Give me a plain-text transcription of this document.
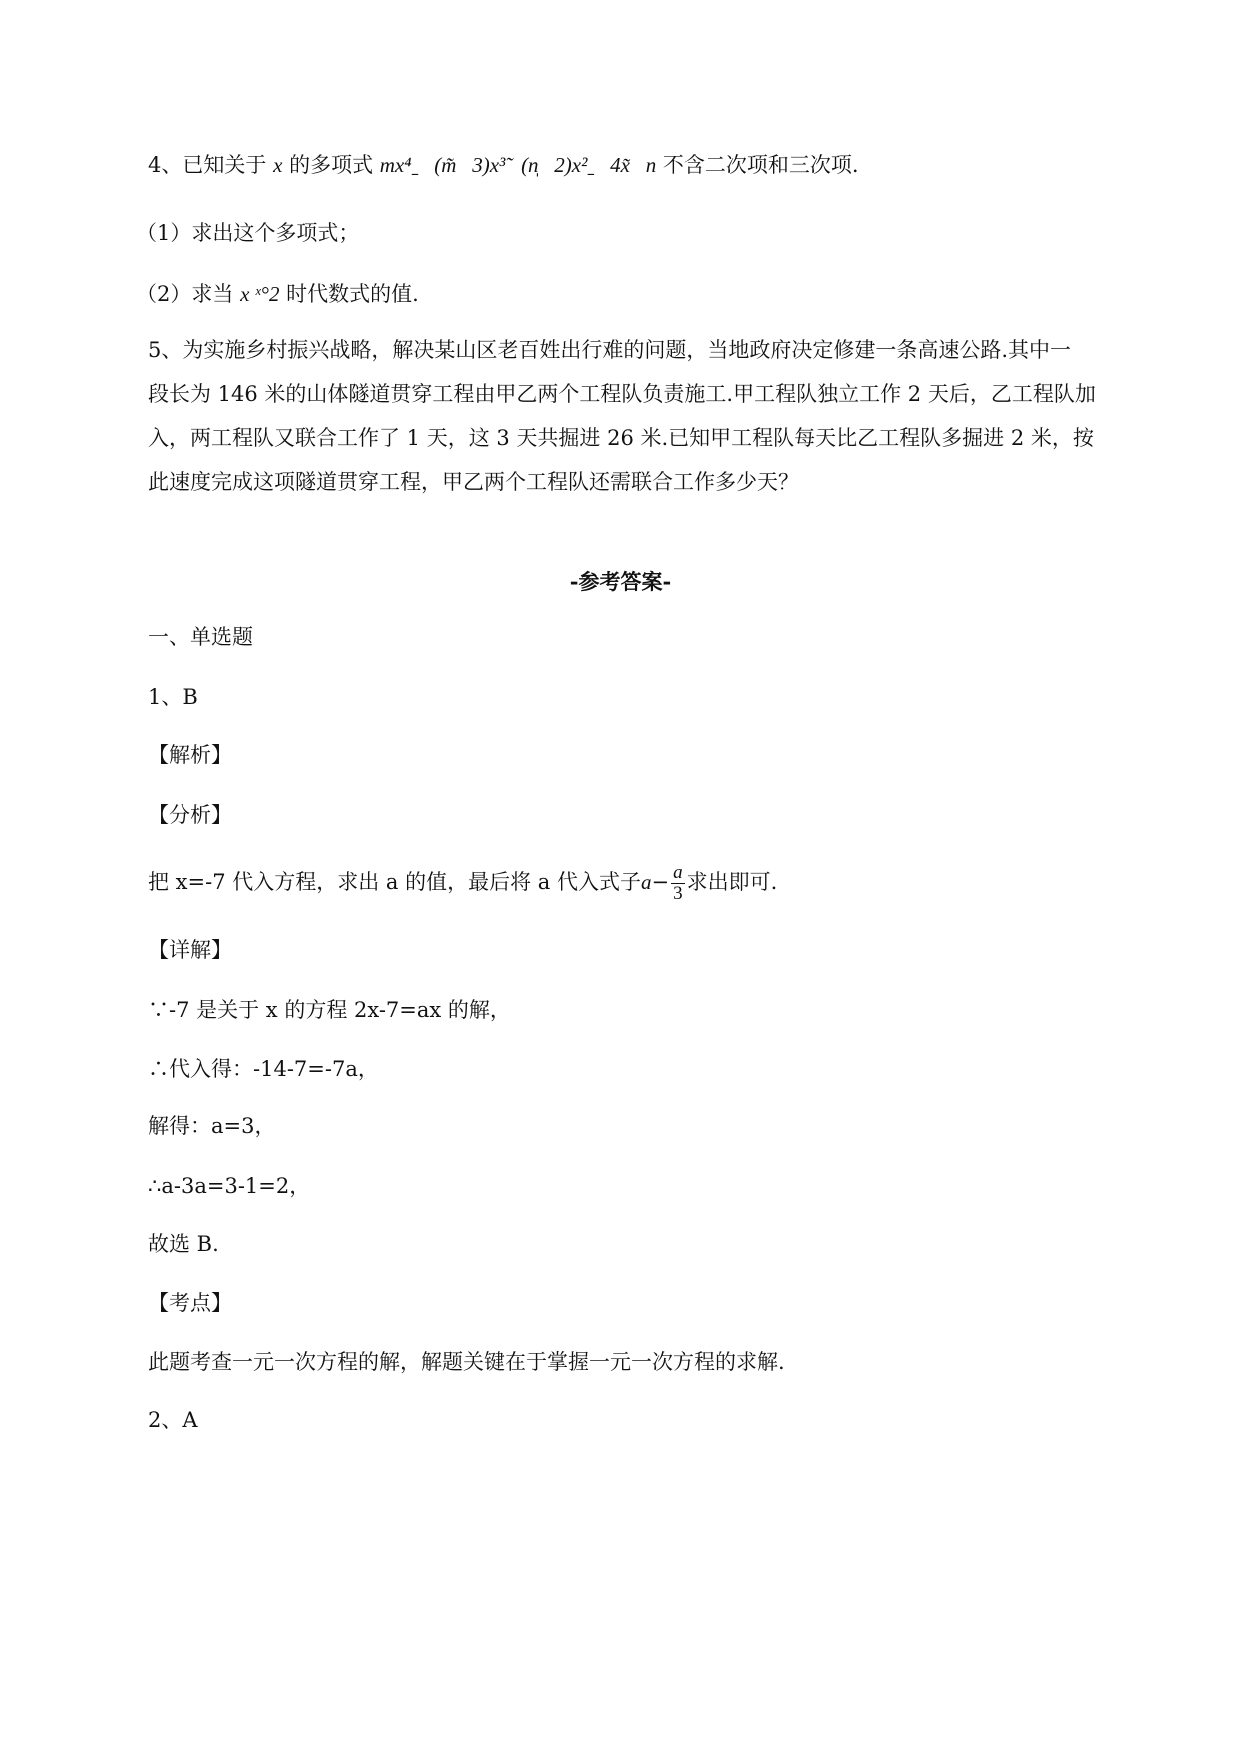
4、已知关于 x 的多项式 mx⁴ˍ   (m̃   3)x³̃   (n̩   2)x²ˍ   4x̃   n 不含二次项和三次项.
（1）求出这个多项式；
（2）求当 x ˣ°2 时代数式的值.
5、为实施乡村振兴战略，解决某山区老百姓出行难的问题，当地政府决定修建一条高速公路.其中一
段长为 146 米的山体隧道贯穿工程由甲乙两个工程队负责施工.甲工程队独立工作 2 天后，乙工程队加
入，两工程队又联合工作了 1 天，这 3 天共掘进 26 米.已知甲工程队每天比乙工程队多掘进 2 米，按
此速度完成这项隧道贯穿工程，甲乙两个工程队还需联合工作多少天？
-参考答案-
一、单选题
1、B
【解析】
【分析】
把 x=-7 代入方程，求出 a 的值，最后将 a 代入式子$a- \frac{a}{3}$ 求出即可.
【详解】
∵-7 是关于 x 的方程 2x-7=ax 的解，
∴代入得：-14-7=-7a，
解得：a=3，
∴a-3a=3-1=2，
故选 B.
【考点】
此题考查一元一次方程的解，解题关键在于掌握一元一次方程的求解.
2、A
